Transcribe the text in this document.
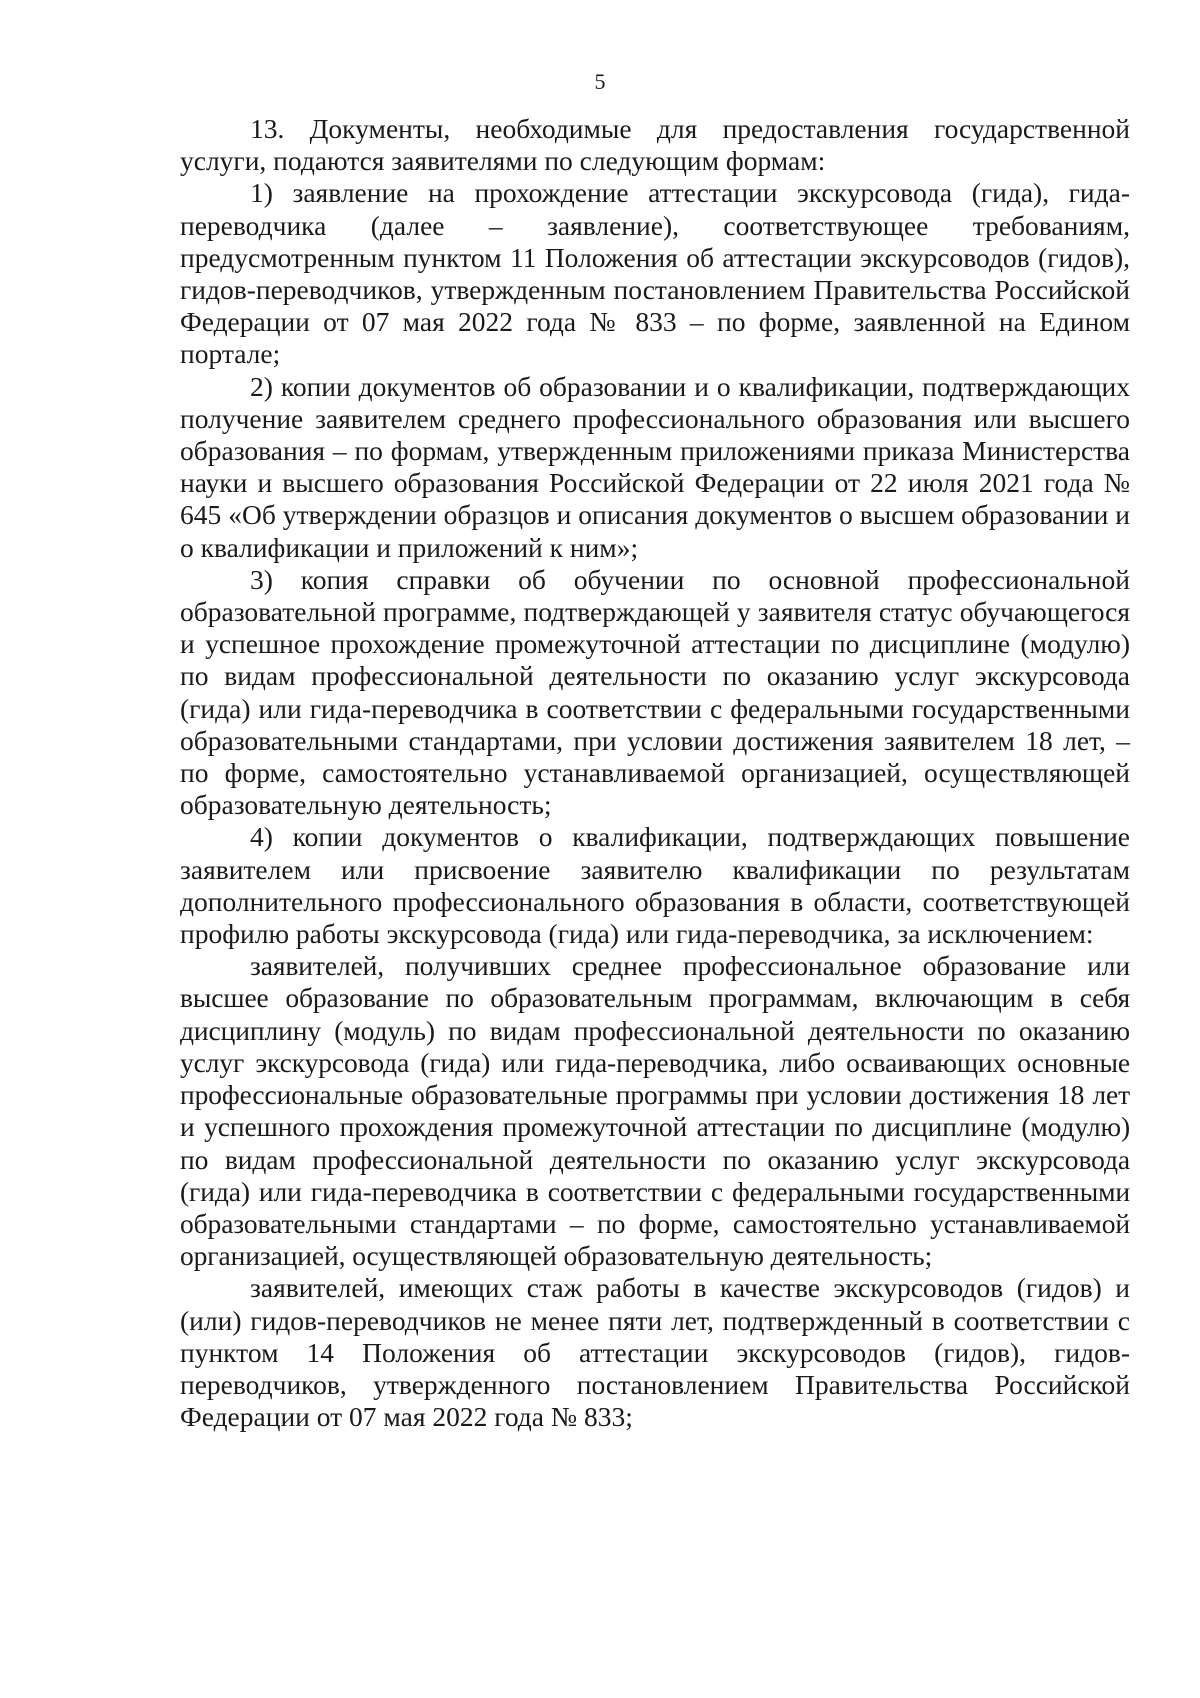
5

13. Документы, необходимые для предоставления государственной услуги, подаются заявителями по следующим формам:

1) заявление на прохождение аттестации экскурсовода (гида), гида-переводчика (далее – заявление), соответствующее требованиям, предусмотренным пунктом 11 Положения об аттестации экскурсоводов (гидов), гидов-переводчиков, утвержденным постановлением Правительства Российской Федерации от 07 мая 2022 года № 833 – по форме, заявленной на Едином портале;

2) копии документов об образовании и о квалификации, подтверждающих получение заявителем среднего профессионального образования или высшего образования – по формам, утвержденным приложениями приказа Министерства науки и высшего образования Российской Федерации от 22 июля 2021 года № 645 «Об утверждении образцов и описания документов о высшем образовании и о квалификации и приложений к ним»;

3) копия справки об обучении по основной профессиональной образовательной программе, подтверждающей у заявителя статус обучающегося и успешное прохождение промежуточной аттестации по дисциплине (модулю) по видам профессиональной деятельности по оказанию услуг экскурсовода (гида) или гида-переводчика в соответствии с федеральными государственными образовательными стандартами, при условии достижения заявителем 18 лет, – по форме, самостоятельно устанавливаемой организацией, осуществляющей образовательную деятельность;

4) копии документов о квалификации, подтверждающих повышение заявителем или присвоение заявителю квалификации по результатам дополнительного профессионального образования в области, соответствующей профилю работы экскурсовода (гида) или гида-переводчика, за исключением:

заявителей, получивших среднее профессиональное образование или высшее образование по образовательным программам, включающим в себя дисциплину (модуль) по видам профессиональной деятельности по оказанию услуг экскурсовода (гида) или гида-переводчика, либо осваивающих основные профессиональные образовательные программы при условии достижения 18 лет и успешного прохождения промежуточной аттестации по дисциплине (модулю) по видам профессиональной деятельности по оказанию услуг экскурсовода (гида) или гида-переводчика в соответствии с федеральными государственными образовательными стандартами – по форме, самостоятельно устанавливаемой организацией, осуществляющей образовательную деятельность;

заявителей, имеющих стаж работы в качестве экскурсоводов (гидов) и (или) гидов-переводчиков не менее пяти лет, подтвержденный в соответствии с пунктом 14 Положения об аттестации экскурсоводов (гидов), гидов-переводчиков, утвержденного постановлением Правительства Российской Федерации от 07 мая 2022 года № 833;
